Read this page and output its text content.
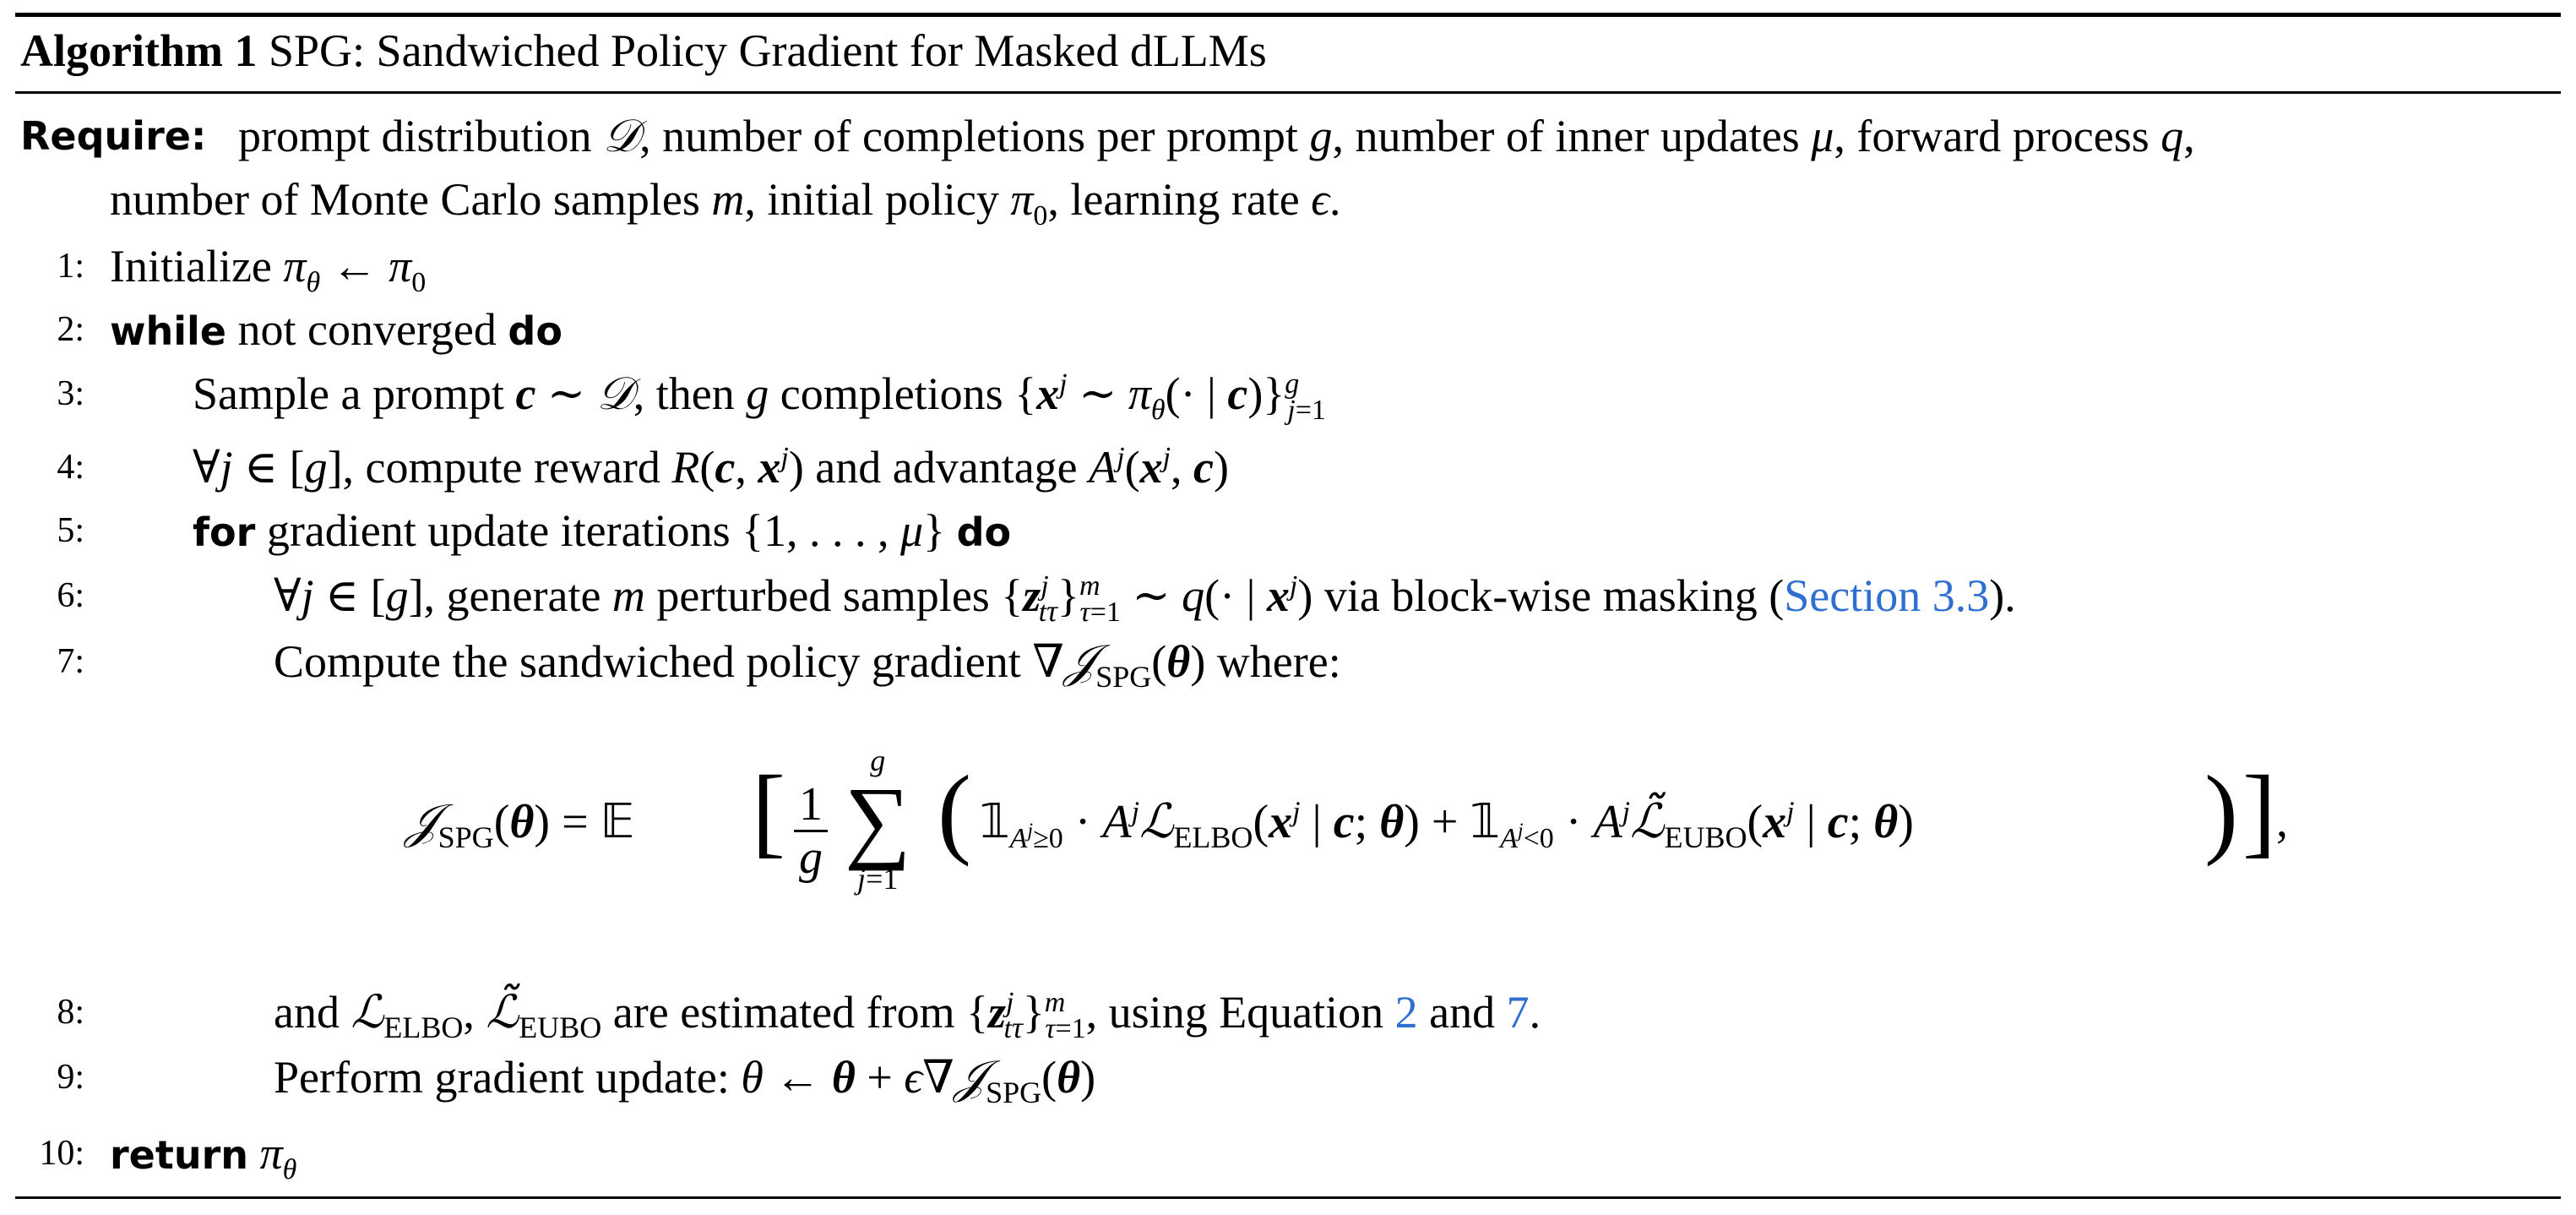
Algorithm 1 SPG: Sandwiched Policy Gradient for Masked dLLMs
Require: prompt distribution 𝒟, number of completions per prompt g, number of inner updates μ, forward process q,
number of Monte Carlo samples m, initial policy $\pi_0$, learning rate ϵ.
1: Initialize $\pi_\theta$ ← $\pi_0$
2: while not converged do
3: Sample a prompt c ∼ 𝒟, then g completions {$x^j$ ∼ $\pi_\theta(\cdot$ | c)}$^g_{j=1}$
4: ∀j ∈ [g], compute reward R(c, $x^j$) and advantage $A^j(x^j$, c)
5:	for gradient update iterations {1, . . . , μ} do
6:	∀j ∈ [g], generate m perturbed samples $\{z^j_{t\tau}\}^m_{\tau=1}$ ∼ q(· | $x^j$) via block-wise masking (Section 3.3).
7:	Compute the sandwiched policy gradient ∇𝒥$_{SPG}$(θ) where:
𝒥$_{SPG}$(θ) = 𝔼 [ $\frac{1}{g}$
g
∑
j=1
( $𝟙_{A^j\ge 0}$ · $A^jℒ_{ELBO}(x^j$ | c; $\theta) + 𝟙_{A^j<0}$ · $A^jℒ̃_{EUBO}(x^j$ | c; θ)	) ] ,
8:	and ℒ$_{ELBO}$, $ℒ̃_{EUBO}$ are estimated from $\{z^j_{t\tau}\}^m_{\tau=1}$, using Equation 2 and 7.
9:	Perform gradient update: θ ← θ + ϵ∇𝒥$_{SPG}$(θ)
10: return $\pi_\theta$
